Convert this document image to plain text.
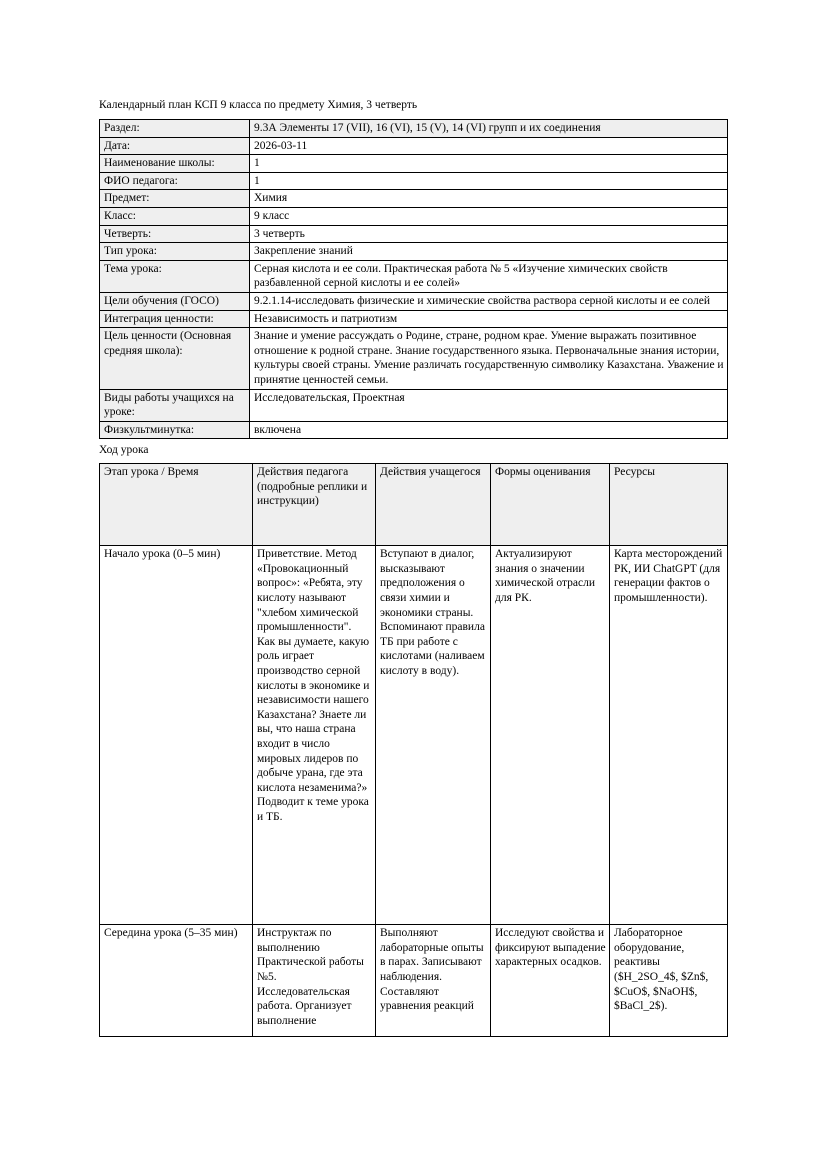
Календарный план КСП 9 класса по предмету Химия, 3 четверть
Раздел:	9.3А Элементы 17 (VII), 16 (VI), 15 (V), 14 (VI) групп и их соединения
Дата:	2026-03-11
Наименование школы:	1
ФИО педагога:	1
Предмет:	Химия
Класс:	9 класс
Четверть:	3 четверть
Тип урока:	Закрепление знаний
Тема урока:	Серная кислота и ее соли. Практическая работа № 5 «Изучение химических свойств разбавленной серной кислоты и ее солей»
Цели обучения (ГОСО)	9.2.1.14-исследовать физические и химические свойства раствора серной кислоты и ее солей
Интеграция ценности:	Независимость и патриотизм
Цель ценности (Основная средняя школа):	Знание и умение рассуждать о Родине, стране, родном крае. Умение выражать позитивное отношение к родной стране. Знание государственного языка. Первоначальные знания истории, культуры своей страны. Умение различать государственную символику Казахстана. Уважение и принятие ценностей семьи.
Виды работы учащихся на уроке:	Исследовательская, Проектная
Физкультминутка:	включена
Ход урока
Этап урока / Время	Действия педагога (подробные реплики и инструкции)	Действия учащегося	Формы оценивания	Ресурсы
Начало урока (0–5 мин)	Приветствие. Метод «Провокационный вопрос»: «Ребята, эту кислоту называют "хлебом химической промышленности". Как вы думаете, какую роль играет производство серной кислоты в экономике и независимости нашего Казахстана? Знаете ли вы, что наша страна входит в число мировых лидеров по добыче урана, где эта кислота незаменима?» Подводит к теме урока и ТБ.	Вступают в диалог, высказывают предположения о связи химии и экономики страны. Вспоминают правила ТБ при работе с кислотами (наливаем кислоту в воду).	Актуализируют знания о значении химической отрасли для РК.	Карта месторождений РК, ИИ ChatGPT (для генерации фактов о промышленности).
Середина урока (5–35 мин)	Инструктаж по выполнению Практической работы №5. Исследовательская работа. Организует выполнение	Выполняют лабораторные опыты в парах. Записывают наблюдения. Составляют уравнения реакций	Исследуют свойства и фиксируют выпадение характерных осадков.	Лабораторное оборудование, реактивы ($H_2SO_4$, $Zn$, $CuO$, $NaOH$, $BaCl_2$).
